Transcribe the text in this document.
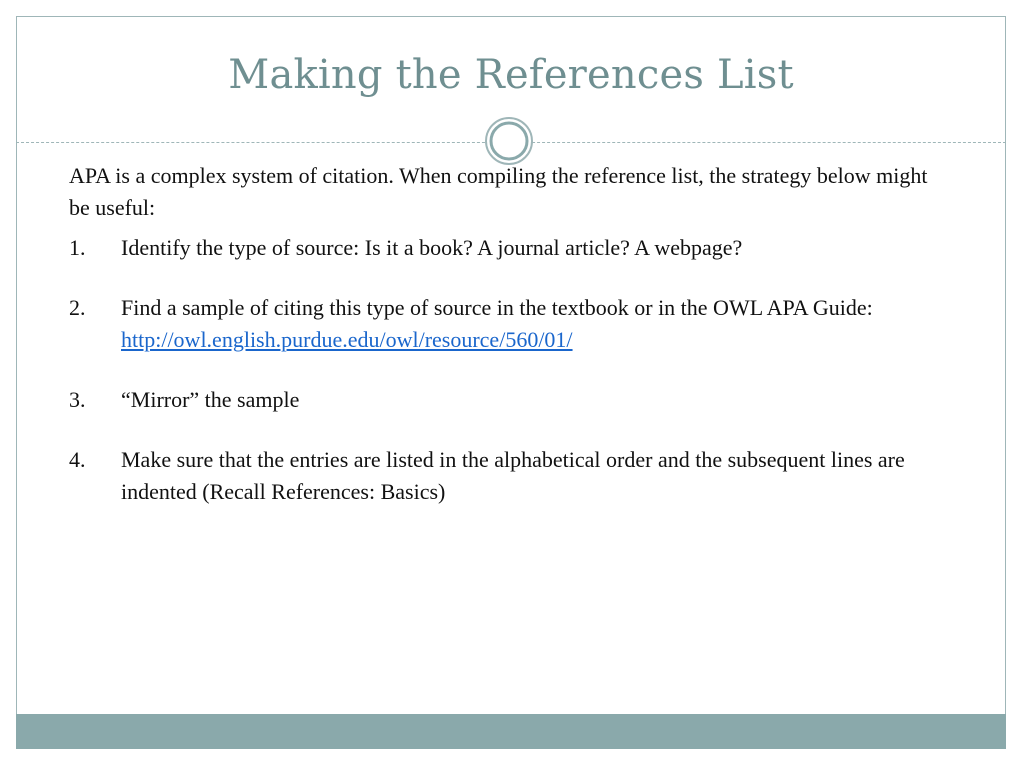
Making the References List

APA is a complex system of citation. When compiling the reference list, the strategy below might be useful:

1. Identify the type of source: Is it a book? A journal article? A webpage?
2. Find a sample of citing this type of source in the textbook or in the OWL APA Guide:
http://owl.english.purdue.edu/owl/resource/560/01/
3. “Mirror” the sample
4. Make sure that the entries are listed in the alphabetical order and the subsequent lines are indented (Recall References: Basics)
